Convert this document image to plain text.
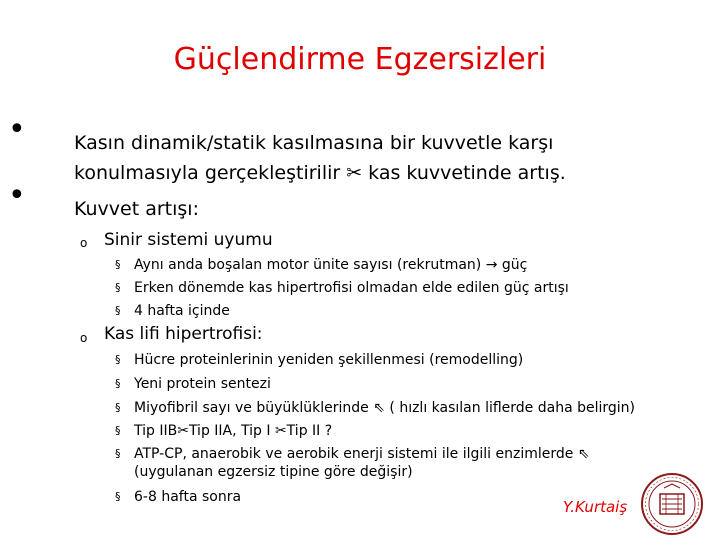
Güçlendirme Egzersizleri
•	Kasın dinamik/statik kasılmasına bir kuvvetle karşı
konulmasıyla gerçekleştirilir ✂ kas kuvvetinde artış.
•	Kuvvet artışı:
o Sinir sistemi uyumu
§ Aynı anda boşalan motor ünite sayısı (rekrutman) → güç
§ Erken dönemde kas hipertrofisi olmadan elde edilen güç artışı
§ 4 hafta içinde
o Kas lifi hipertrofisi:
§ Hücre proteinlerinin yeniden şekillenmesi (remodelling)
§ Yeni protein sentezi
§ Miyofibril sayı ve büyüklüklerinde ⇖ ( hızlı kasılan liflerde daha belirgin)
§ Tip IIB✂Tip IIA, Tip I ✂Tip II ?
§ ATP-CP, anaerobik ve aerobik enerji sistemi ile ilgili enzimlerde ⇖
(uygulanan egzersiz tipine göre değişir)
§ 6-8 hafta sonra
Y.Kurtaiş
